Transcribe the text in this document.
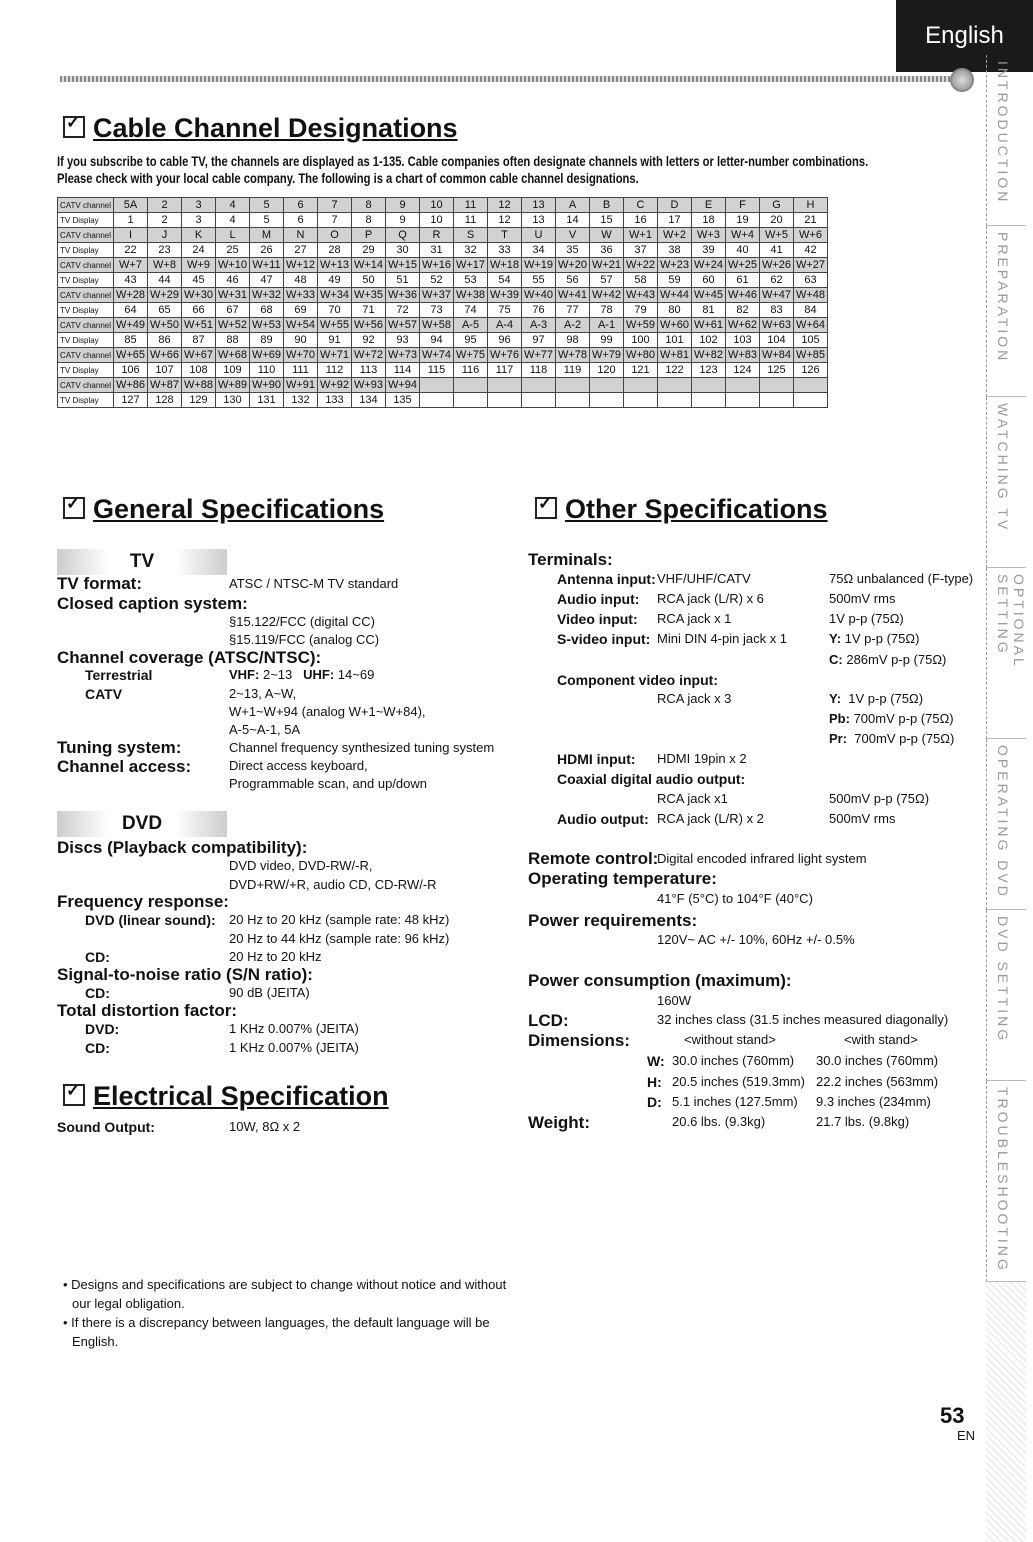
English
INTRODUCTION
PREPARATION
WATCHING TV
OPTIONAL SETTING
OPERATING DVD
DVD SETTING
TROUBLESHOOTING
✓Cable Channel Designations
If you subscribe to cable TV, the channels are displayed as 1-135. Cable companies often designate channels with letters or letter-number combinations.
Please check with your local cable company. The following is a chart of common cable channel designations.
CATV channel	5A	2	3	4	5	6	7	8	9	10	11	12	13	A	B	C	D	E	F	G	H
TV Display	1	2	3	4	5	6	7	8	9	10	11	12	13	14	15	16	17	18	19	20	21
CATV channel	I	J	K	L	M	N	O	P	Q	R	S	T	U	V	W	W+1	W+2	W+3	W+4	W+5	W+6
TV Display	22	23	24	25	26	27	28	29	30	31	32	33	34	35	36	37	38	39	40	41	42
CATV channel	W+7	W+8	W+9	W+10	W+11	W+12	W+13	W+14	W+15	W+16	W+17	W+18	W+19	W+20	W+21	W+22	W+23	W+24	W+25	W+26	W+27
TV Display	43	44	45	46	47	48	49	50	51	52	53	54	55	56	57	58	59	60	61	62	63
CATV channel	W+28	W+29	W+30	W+31	W+32	W+33	W+34	W+35	W+36	W+37	W+38	W+39	W+40	W+41	W+42	W+43	W+44	W+45	W+46	W+47	W+48
TV Display	64	65	66	67	68	69	70	71	72	73	74	75	76	77	78	79	80	81	82	83	84
CATV channel	W+49	W+50	W+51	W+52	W+53	W+54	W+55	W+56	W+57	W+58	A-5	A-4	A-3	A-2	A-1	W+59	W+60	W+61	W+62	W+63	W+64
TV Display	85	86	87	88	89	90	91	92	93	94	95	96	97	98	99	100	101	102	103	104	105
CATV channel	W+65	W+66	W+67	W+68	W+69	W+70	W+71	W+72	W+73	W+74	W+75	W+76	W+77	W+78	W+79	W+80	W+81	W+82	W+83	W+84	W+85
TV Display	106	107	108	109	110	111	112	113	114	115	116	117	118	119	120	121	122	123	124	125	126
CATV channel	W+86	W+87	W+88	W+89	W+90	W+91	W+92	W+93	W+94												
TV Display	127	128	129	130	131	132	133	134	135												
✓General Specifications
TV
TV format:	ATSC / NTSC-M TV standard
Closed caption system:
§15.122/FCC (digital CC)
§15.119/FCC (analog CC)
Channel coverage (ATSC/NTSC):
Terrestrial	VHF: 2~13 UHF: 14~69
CATV	2~13, A~W,
W+1~W+94 (analog W+1~W+84),
A-5~A-1, 5A
Tuning system:	Channel frequency synthesized tuning system
Channel access:	Direct access keyboard,
Programmable scan, and up/down
DVD
Discs (Playback compatibility):
DVD video, DVD-RW/-R,
DVD+RW/+R, audio CD, CD-RW/-R
Frequency response:
DVD (linear sound): 20 Hz to 20 kHz (sample rate: 48 kHz)
20 Hz to 44 kHz (sample rate: 96 kHz)
CD:	20 Hz to 20 kHz
Signal-to-noise ratio (S/N ratio):
CD:	90 dB (JEITA)
Total distortion factor:
DVD:	1 KHz 0.007% (JEITA)
CD:	1 KHz 0.007% (JEITA)
✓Electrical Specification
Sound Output:	10W, 8Ω x 2
✓Other Specifications
Terminals:
Antenna input: VHF/UHF/CATV	75Ω unbalanced (F-type)
Audio input: RCA jack (L/R) x 6	500mV rms
Video input: RCA jack x 1	1V p-p (75Ω)
S-video input: Mini DIN 4-pin jack x 1	Y: 1V p-p (75Ω)
C: 286mV p-p (75Ω)
Component video input:
RCA jack x 3	Y: 1V p-p (75Ω)
Pb: 700mV p-p (75Ω)
Pr: 700mV p-p (75Ω)
HDMI input: HDMI 19pin x 2
Coaxial digital audio output:
RCA jack x1	500mV p-p (75Ω)
Audio output: RCA jack (L/R) x 2	500mV rms
Remote control:
Digital encoded infrared light system
Operating temperature:
41°F (5°C) to 104°F (40°C)
Power requirements:
120V~ AC +/- 10%, 60Hz +/- 0.5%
Power consumption (maximum):
160W
LCD:	32 inches class (31.5 inches measured diagonally)
Dimensions:	<without stand>	<with stand>
W: 30.0 inches (760mm) 30.0 inches (760mm)
H: 20.5 inches (519.3mm) 22.2 inches (563mm)
D: 5.1 inches (127.5mm) 9.3 inches (234mm)
Weight:	20.6 lbs. (9.3kg)	21.7 lbs. (9.8kg)
• Designs and specifications are subject to change without notice and without
our legal obligation.
• If there is a discrepancy between languages, the default language will be
English.
53
EN
